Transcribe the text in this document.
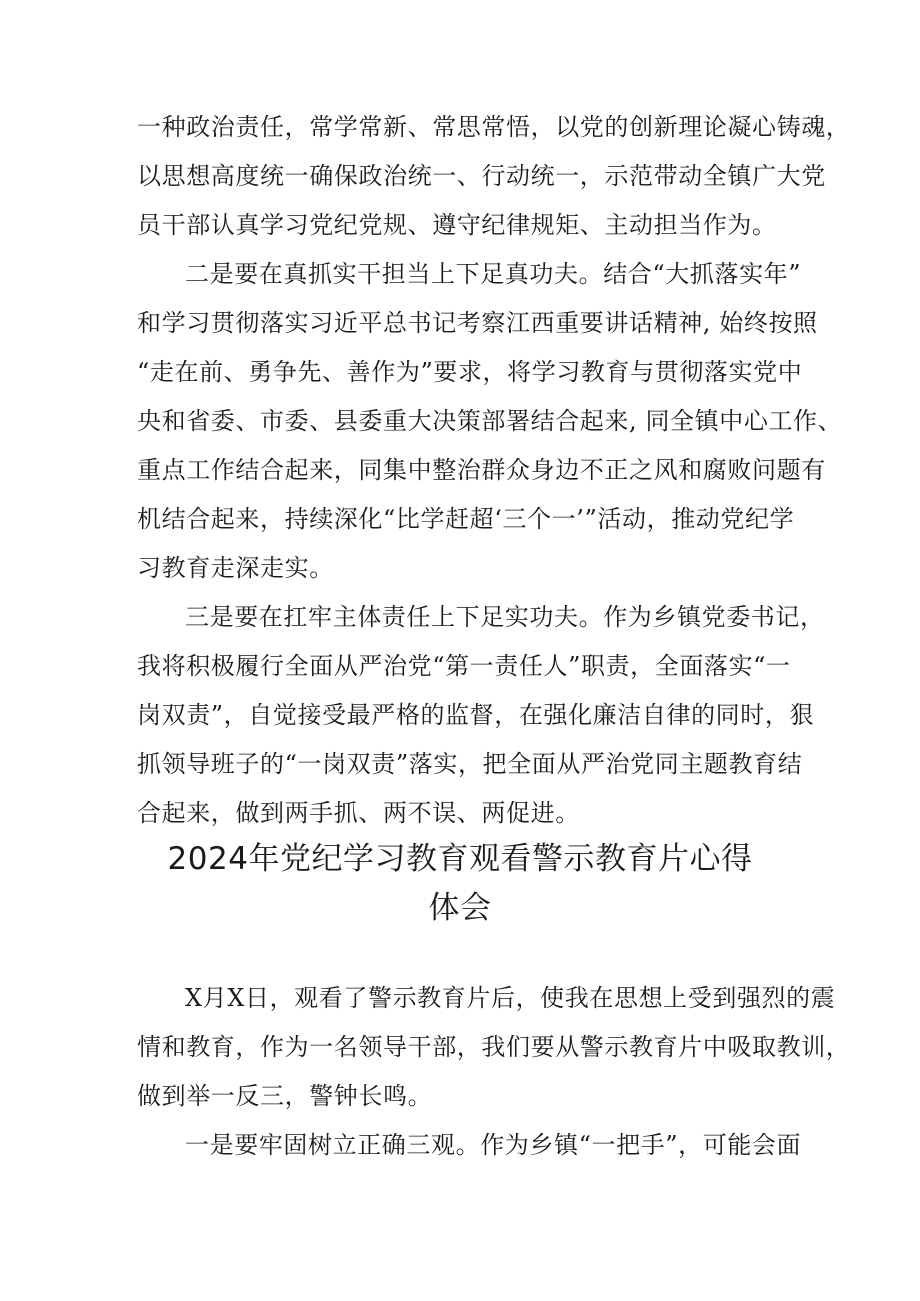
一种政治责任，常学常新、常思常悟，以党的创新理论凝心铸魂，
以思想高度统一确保政治统一、行动统一，示范带动全镇广大党
员干部认真学习党纪党规、遵守纪律规矩、主动担当作为。
二是要在真抓实干担当上下足真功夫。结合“大抓落实年”
和学习贯彻落实习近平总书记考察江西重要讲话精神, 始终按照
“走在前、勇争先、善作为”要求，将学习教育与贯彻落实党中
央和省委、市委、县委重大决策部署结合起来, 同全镇中心工作、
重点工作结合起来，同集中整治群众身边不正之风和腐败问题有
机结合起来，持续深化“比学赶超‘三个一’”活动，推动党纪学
习教育走深走实。
三是要在扛牢主体责任上下足实功夫。作为乡镇党委书记，
我将积极履行全面从严治党“第一责任人”职责，全面落实“一
岗双责”，自觉接受最严格的监督，在强化廉洁自律的同时，狠
抓领导班子的“一岗双责”落实，把全面从严治党同主题教育结
合起来，做到两手抓、两不误、两促进。
2024年党纪学习教育观看警示教育片心得
体会
X月X日，观看了警示教育片后，使我在思想上受到强烈的震
情和教育，作为一名领导干部，我们要从警示教育片中吸取教训，
做到举一反三，警钟长鸣。
一是要牢固树立正确三观。作为乡镇“一把手”，可能会面
